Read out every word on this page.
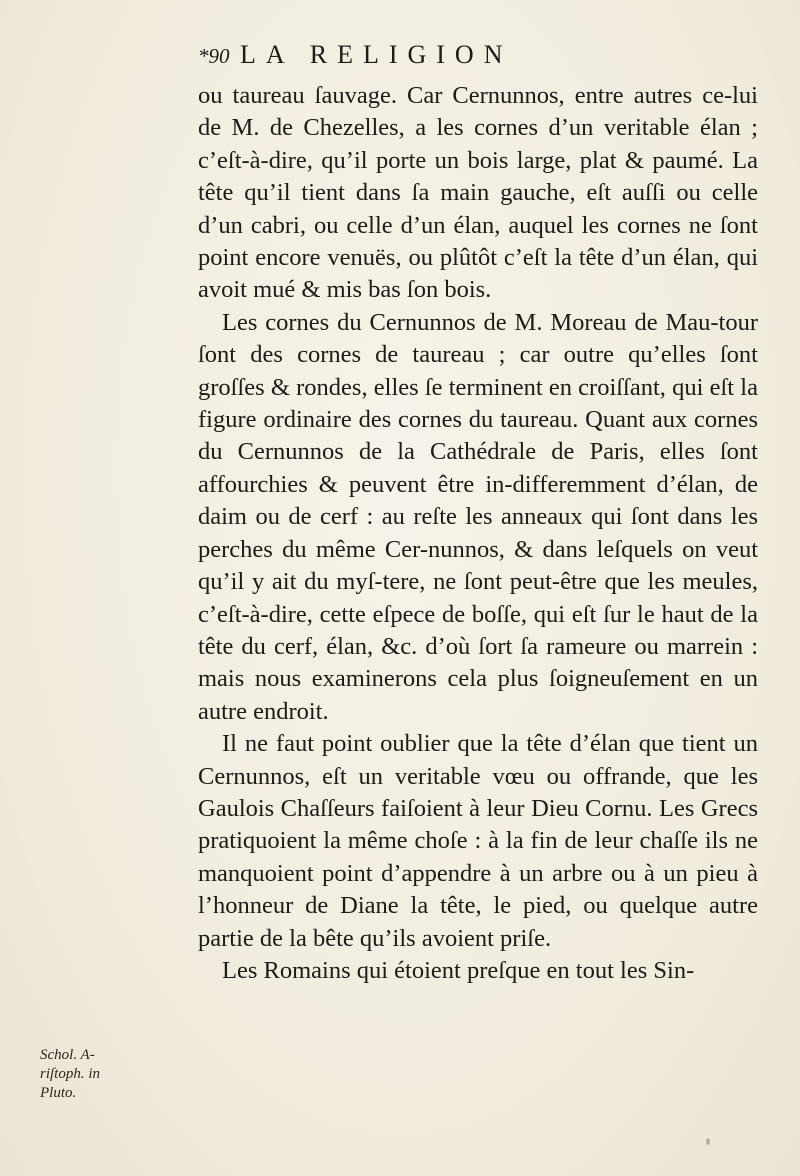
*90 LA RELIGION

ou taureau ſauvage. Car Cernunnos, entre autres ce-lui de M. de Chezelles, a les cornes d’un veritable élan ; c’eſt-à-dire, qu’il porte un bois large, plat & paumé. La tête qu’il tient dans ſa main gauche, eſt auſſi ou celle d’un cabri, ou celle d’un élan, auquel les cornes ne ſont point encore venuës, ou plûtôt c’eſt la tête d’un élan, qui avoit mué & mis bas ſon bois.

Les cornes du Cernunnos de M. Moreau de Mau-tour ſont des cornes de taureau ; car outre qu’elles ſont groſſes & rondes, elles ſe terminent en croiſſant, qui eſt la figure ordinaire des cornes du taureau. Quant aux cornes du Cernunnos de la Cathédrale de Paris, elles ſont affourchies & peuvent être in-differemment d’élan, de daim ou de cerf : au reſte les anneaux qui ſont dans les perches du même Cer-nunnos, & dans leſquels on veut qu’il y ait du myſ-tere, ne ſont peut-être que les meules, c’eſt-à-dire, cette eſpece de boſſe, qui eſt ſur le haut de la tête du cerf, élan, &c. d’où ſort ſa rameure ou marrein : mais nous examinerons cela plus ſoigneuſement en un autre endroit.

Il ne faut point oublier que la tête d’élan que tient un Cernunnos, eſt un veritable vœu ou offrande, que les Gaulois Chaſſeurs faiſoient à leur Dieu Cornu. Les Grecs pratiquoient la même choſe : à la fin de leur chaſſe ils ne manquoient point d’appendre à un arbre ou à un pieu à l’honneur de Diane la tête, le pied, ou quelque autre partie de la bête qu’ils avoient priſe.

Les Romains qui étoient preſque en tout les Sin-

Schol. A-
riſtoph. in
Pluto.
